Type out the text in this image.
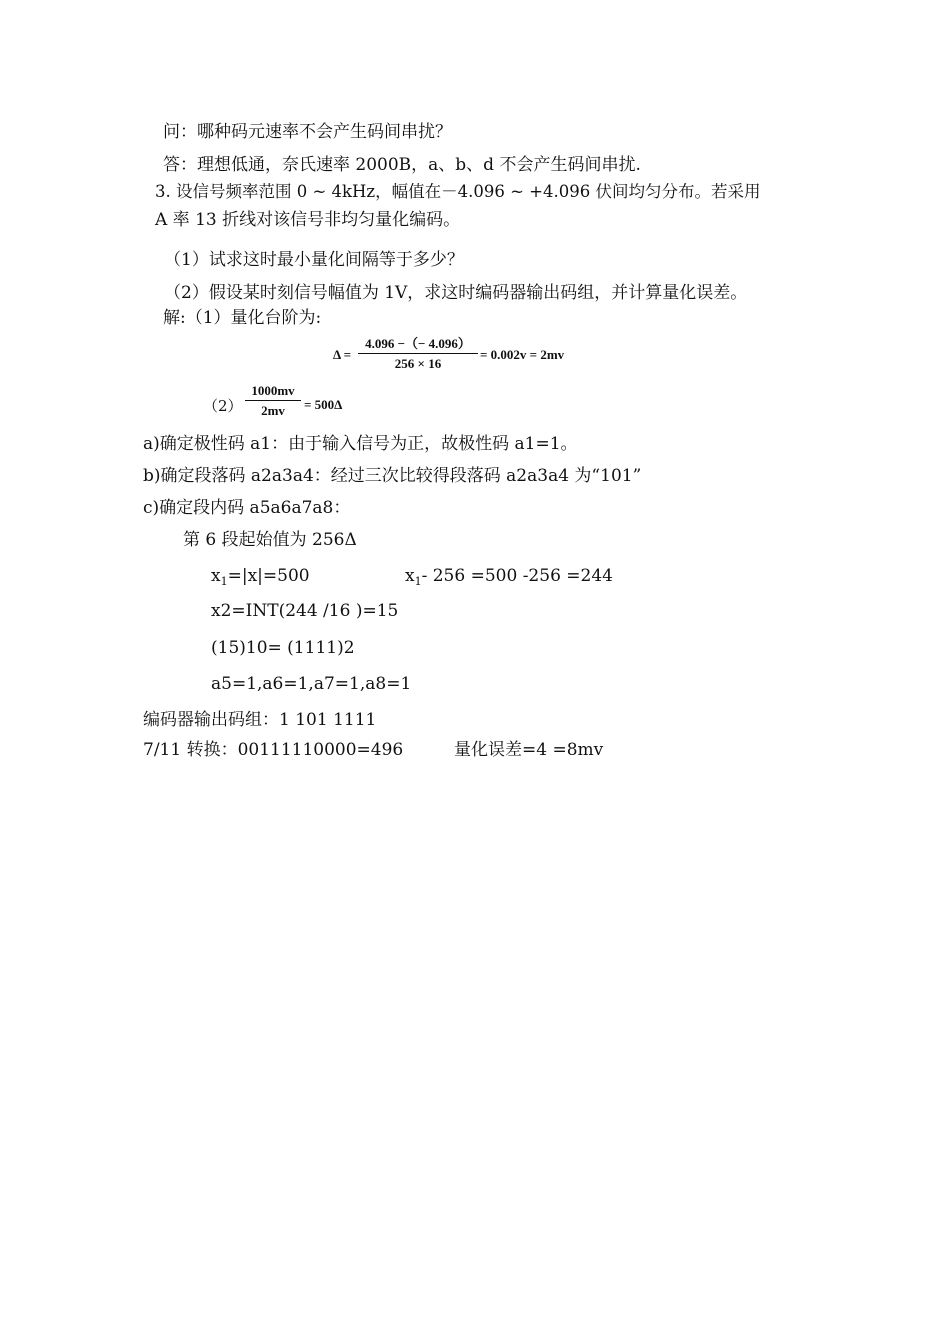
问：哪种码元速率不会产生码间串扰？
答：理想低通，奈氏速率 2000B，a、b、d 不会产生码间串扰.
3. 设信号频率范围 0 ~ 4kHz，幅值在－4.096 ~ +4.096 伏间均匀分布。若采用
A 率 13 折线对该信号非均匀量化编码。
（1）试求这时最小量化间隔等于多少？
（2）假设某时刻信号幅值为 1V，求这时编码器输出码组，并计算量化误差。
解:（1）量化台阶为:
$\Delta = \frac{4.096 -(- 4.096)}{256 \times 16} = 0.002v = 2mv$
$(2) \frac{1000mv}{2mv} = 500\Delta$
a)确定极性码 a1：由于输入信号为正，故极性码 a1=1。
b)确定段落码 a2a3a4：经过三次比较得段落码 a2a3a4 为“101”
c)确定段内码 a5a6a7a8：
第 6 段起始值为 256Δ
$x_1=|x|=500$	$x_1-$ 256 =500 -256 =244
x2=INT(244 /16 )=15
(15)10= (1111)2
a5=1,a6=1,a7=1,a8=1
编码器输出码组：1 101 1111
7/11 转换：00111110000=496	量化误差=4 =8mv
